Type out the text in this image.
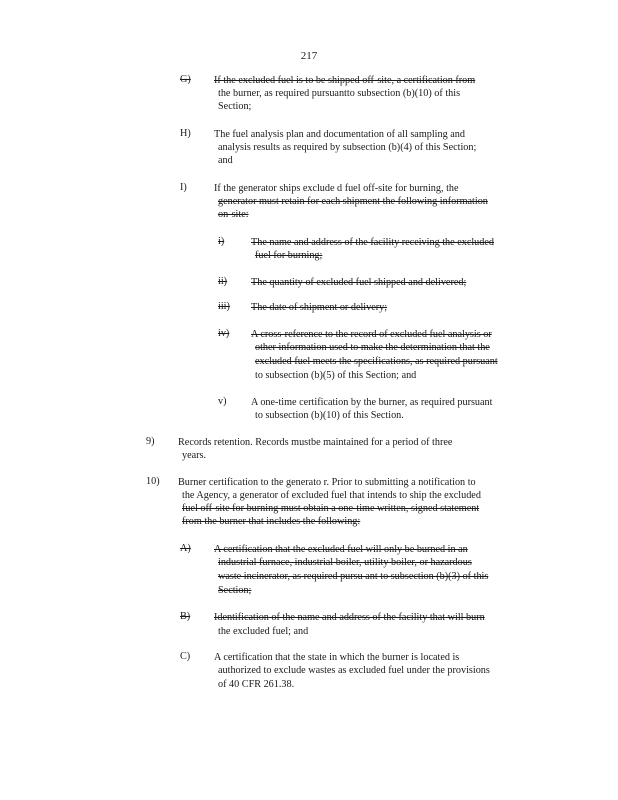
217
G) If the excluded fuel is to be shipped off-site, a certification from
the burner, as required pursuantto subsection (b)(10) of this
Section;
H) The fuel analysis plan and documentation of all sampling and
analysis results as required by subsection (b)(4) of this Section;
and
I)	If the generator ships exclude d fuel off-site for burning, the
generator must retain for each shipment the following information
on-site:
i)	The name and address of the facility receiving the excluded
fuel for burning;
ii) The quantity of excluded fuel shipped and delivered;
iii) The date of shipment or delivery;
iv) A cross-reference to the record of excluded fuel analysis or
other information used to make the determination that the
excluded fuel meets the specifications, as required pursuant
to subsection (b)(5) of this Section; and
v) A one-time certification by the burner, as required pursuant
to subsection (b)(10) of this Section.
9) Records retention. Records mustbe maintained for a period of three
years.
10) Burner certification to the generato r. Prior to submitting a notification to
the Agency, a generator of excluded fuel that intends to ship the excluded
fuel off-site for burning must obtain a one-time written, signed statement
from the burner that includes the following:
A) A certification that the excluded fuel will only be burned in an
industrial furnace, industrial boiler, utility boiler, or hazardous
waste incinerator, as required pursu ant to subsection (b)(3) of this
Section;
B) Identification of the name and address of the facility that will burn
the excluded fuel; and
C) A certification that the state in which the burner is located is
authorized to exclude wastes as excluded fuel under the provisions
of 40 CFR 261.38.
